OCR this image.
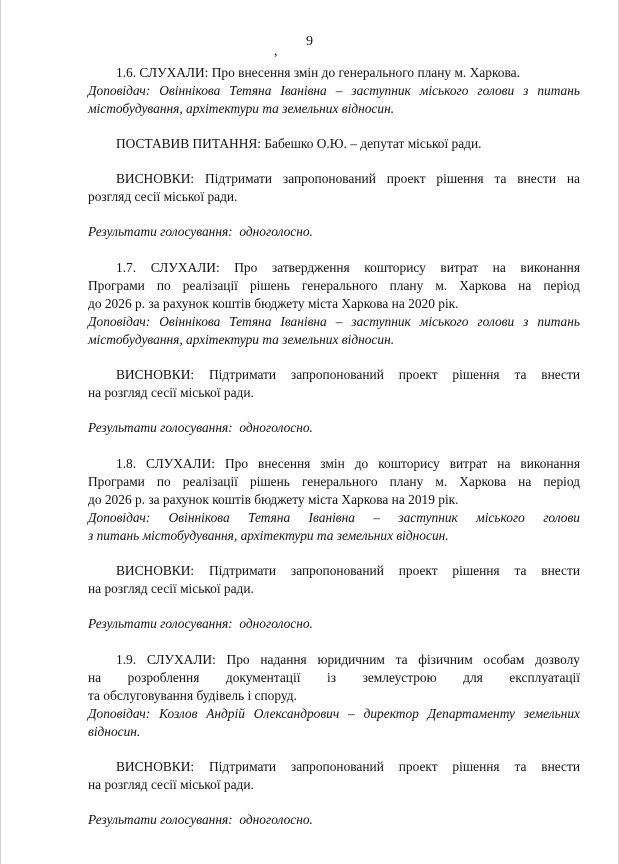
9
,

1.6. СЛУХАЛИ: Про внесення змін до генерального плану м. Харкова.

Доповідач: Овіннікова Тетяна Іванівна – заступник міського голови з питань

містобудування, архітектури та земельних відносин.

ПОСТАВИВ ПИТАННЯ: Бабешко О.Ю. – депутат міської ради.

ВИСНОВКИ: Підтримати запропонований проект рішення та внести на

розгляд сесії міської ради.

Результати голосування: одноголосно.

1.7. СЛУХАЛИ: Про затвердження кошторису витрат на виконання

Програми по реалізації рішень генерального плану м. Харкова на період

до 2026 р. за рахунок коштів бюджету міста Харкова на 2020 рік.

Доповідач: Овіннікова Тетяна Іванівна – заступник міського голови з питань

містобудування, архітектури та земельних відносин.

ВИСНОВКИ: Підтримати запропонований проект рішення та внести

на розгляд сесії міської ради.

Результати голосування: одноголосно.

1.8. СЛУХАЛИ: Про внесення змін до кошторису витрат на виконання

Програми по реалізації рішень генерального плану м. Харкова на період

до 2026 р. за рахунок коштів бюджету міста Харкова на 2019 рік.

Доповідач: Овіннікова Тетяна Іванівна – заступник міського голови

з питань містобудування, архітектури та земельних відносин.

ВИСНОВКИ: Підтримати запропонований проект рішення та внести

на розгляд сесії міської ради.

Результати голосування: одноголосно.

1.9. СЛУХАЛИ: Про надання юридичним та фізичним особам дозволу

на розроблення документації із землеустрою для експлуатації

та обслуговування будівель і споруд.

Доповідач: Козлов Андрій Олександрович – директор Департаменту земельних

відносин.

ВИСНОВКИ: Підтримати запропонований проект рішення та внести

на розгляд сесії міської ради.

Результати голосування: одноголосно.
